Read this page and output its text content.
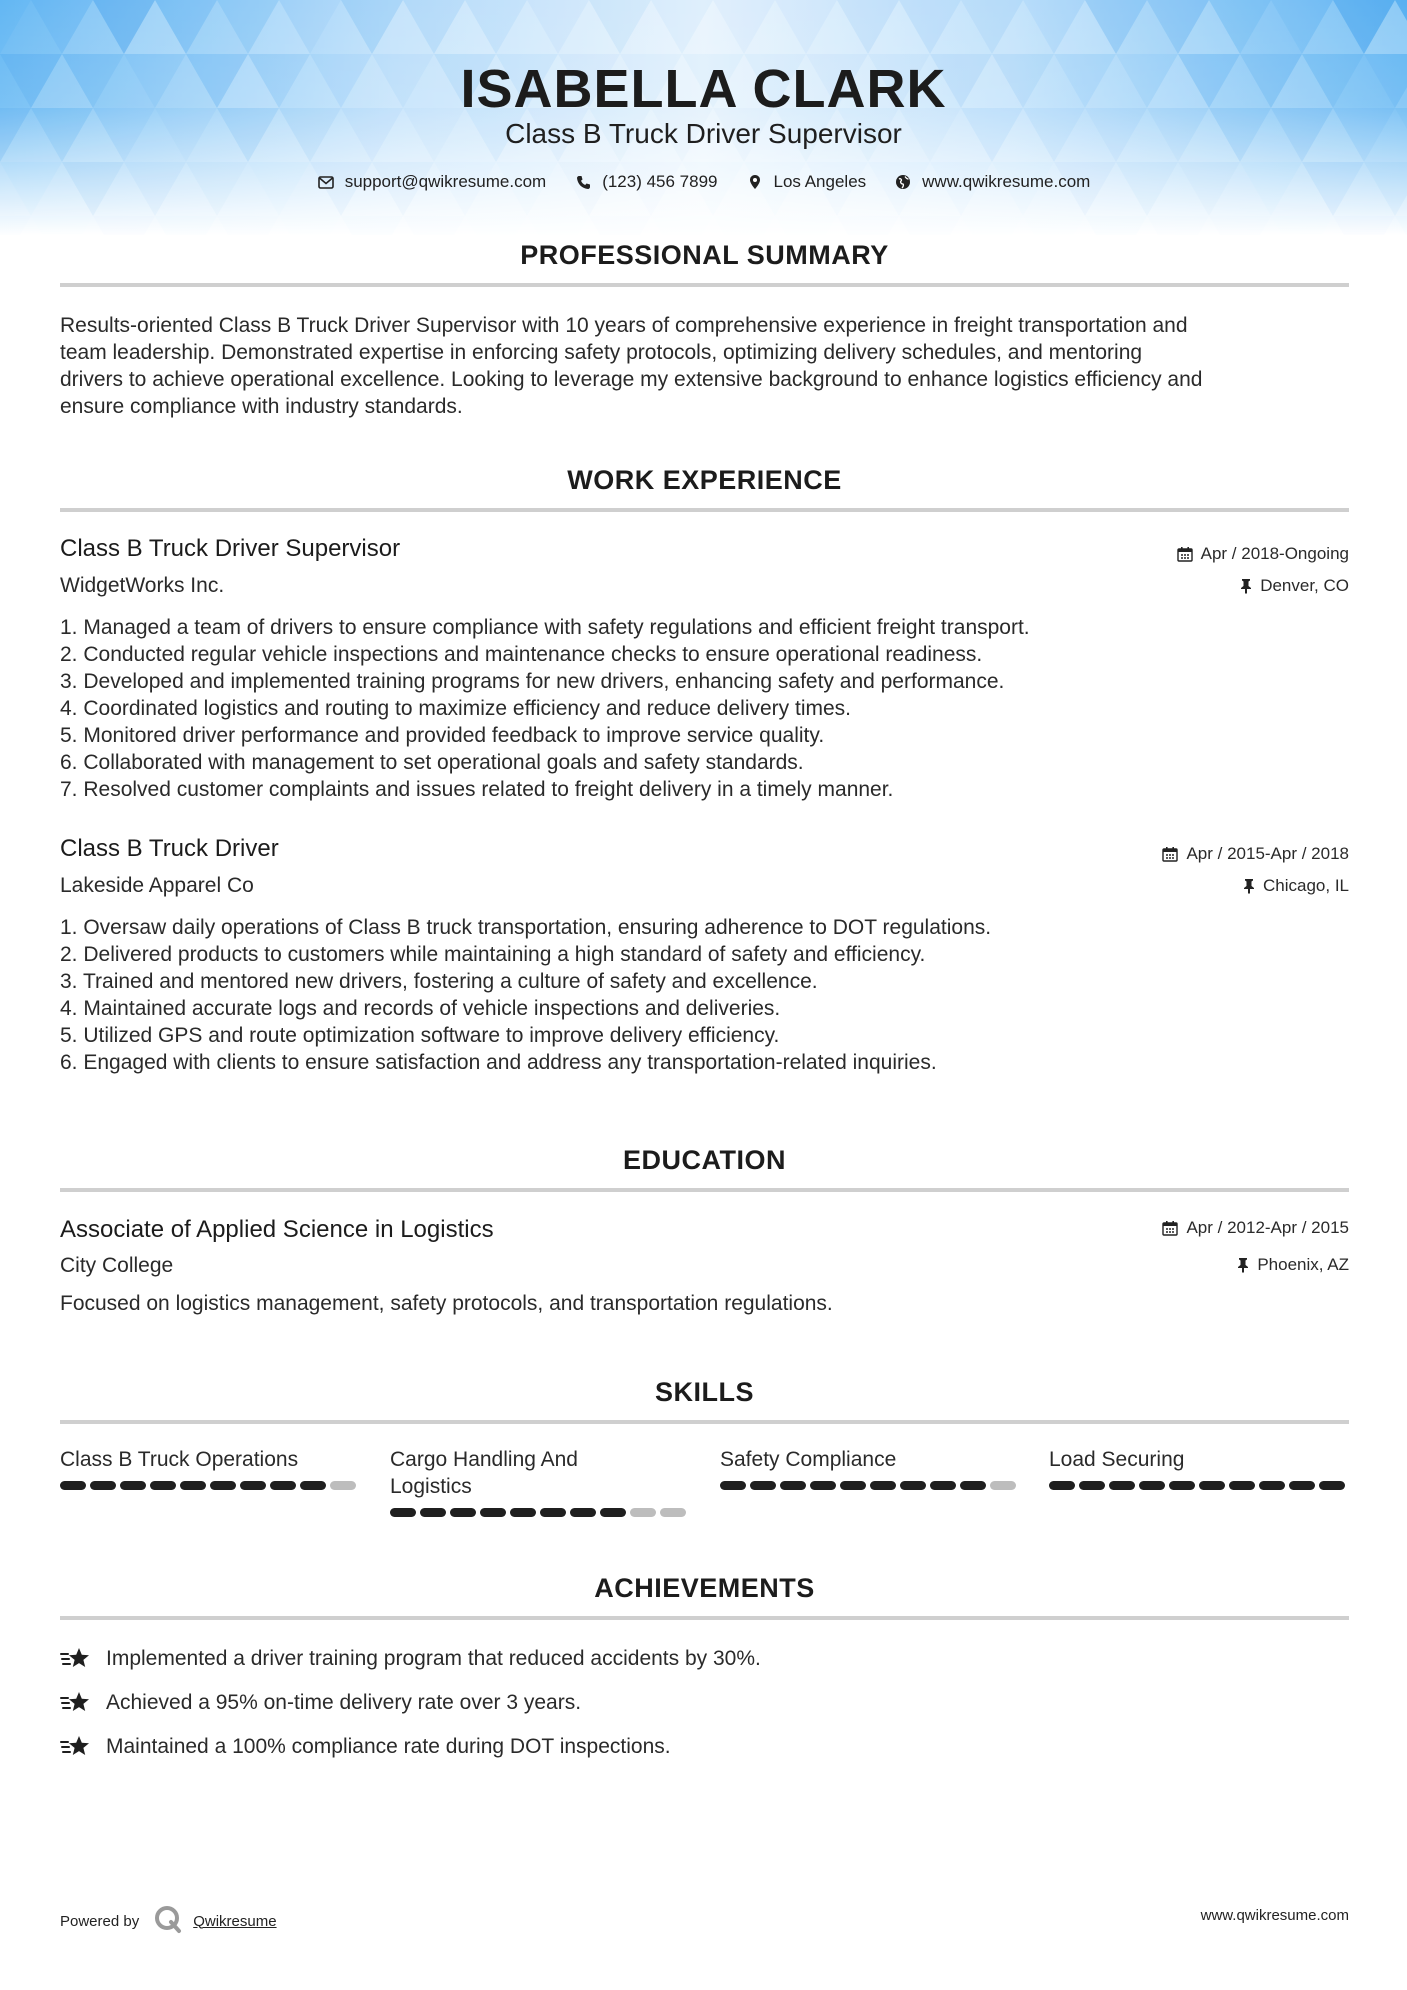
ISABELLA CLARK
Class B Truck Driver Supervisor
support@qwikresume.com	(123) 456 7899	Los Angeles	www.qwikresume.com
PROFESSIONAL SUMMARY
Results-oriented Class B Truck Driver Supervisor with 10 years of comprehensive experience in freight transportation and
team leadership. Demonstrated expertise in enforcing safety protocols, optimizing delivery schedules, and mentoring
drivers to achieve operational excellence. Looking to leverage my extensive background to enhance logistics efficiency and
ensure compliance with industry standards.
WORK EXPERIENCE
Class B Truck Driver Supervisor	Apr / 2018-Ongoing
WidgetWorks Inc.	Denver, CO
1. Managed a team of drivers to ensure compliance with safety regulations and efficient freight transport.
2. Conducted regular vehicle inspections and maintenance checks to ensure operational readiness.
3. Developed and implemented training programs for new drivers, enhancing safety and performance.
4. Coordinated logistics and routing to maximize efficiency and reduce delivery times.
5. Monitored driver performance and provided feedback to improve service quality.
6. Collaborated with management to set operational goals and safety standards.
7. Resolved customer complaints and issues related to freight delivery in a timely manner.
Class B Truck Driver	Apr / 2015-Apr / 2018
Lakeside Apparel Co	Chicago, IL
1. Oversaw daily operations of Class B truck transportation, ensuring adherence to DOT regulations.
2. Delivered products to customers while maintaining a high standard of safety and efficiency.
3. Trained and mentored new drivers, fostering a culture of safety and excellence.
4. Maintained accurate logs and records of vehicle inspections and deliveries.
5. Utilized GPS and route optimization software to improve delivery efficiency.
6. Engaged with clients to ensure satisfaction and address any transportation-related inquiries.
EDUCATION
Associate of Applied Science in Logistics	Apr / 2012-Apr / 2015
City College	Phoenix, AZ
Focused on logistics management, safety protocols, and transportation regulations.
SKILLS
Class B Truck Operations	Cargo Handling And
Logistics
Safety Compliance	Load Securing
ACHIEVEMENTS
Implemented a driver training program that reduced accidents by 30%.
Achieved a 95% on-time delivery rate over 3 years.
Maintained a 100% compliance rate during DOT inspections.
Powered by	Qwikresume	www.qwikresume.com
